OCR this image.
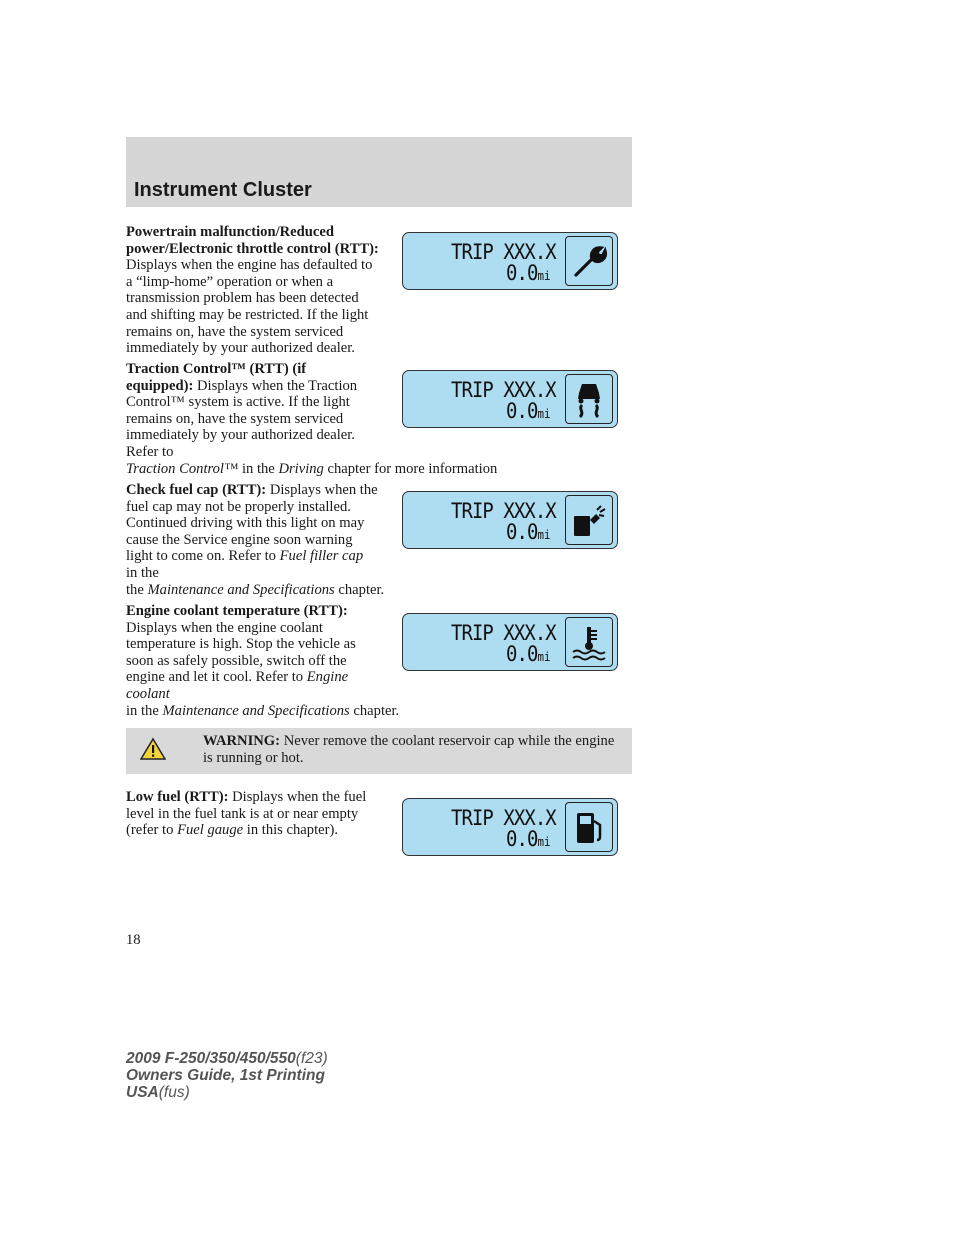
Instrument Cluster

Powertrain malfunction/Reduced power/Electronic throttle control (RTT): Displays when the engine has defaulted to a “limp-home” operation or when a transmission problem has been detected and shifting may be restricted. If the light remains on, have the system serviced immediately by your authorized dealer.

TRIP XXX.X
0.0mi

Traction Control™ (RTT) (if equipped): Displays when the Traction Control™ system is active. If the light remains on, have the system serviced immediately by your authorized dealer. Refer to
Traction Control™ in the Driving chapter for more information

TRIP XXX.X
0.0mi

Check fuel cap (RTT): Displays when the fuel cap may not be properly installed. Continued driving with this light on may cause the Service engine soon warning light to come on. Refer to Fuel filler cap in the
the Maintenance and Specifications chapter.

TRIP XXX.X
0.0mi

Engine coolant temperature (RTT): Displays when the engine coolant temperature is high. Stop the vehicle as soon as safely possible, switch off the engine and let it cool. Refer to Engine coolant
in the Maintenance and Specifications chapter.

TRIP XXX.X
0.0mi
WARNING: Never remove the coolant reservoir cap while the engine is running or hot.

Low fuel (RTT): Displays when the fuel level in the fuel tank is at or near empty (refer to Fuel gauge in this chapter).

TRIP XXX.X
0.0mi
18
2009 F-250/350/450/550(f23)
Owners Guide, 1st Printing
USA(fus)
